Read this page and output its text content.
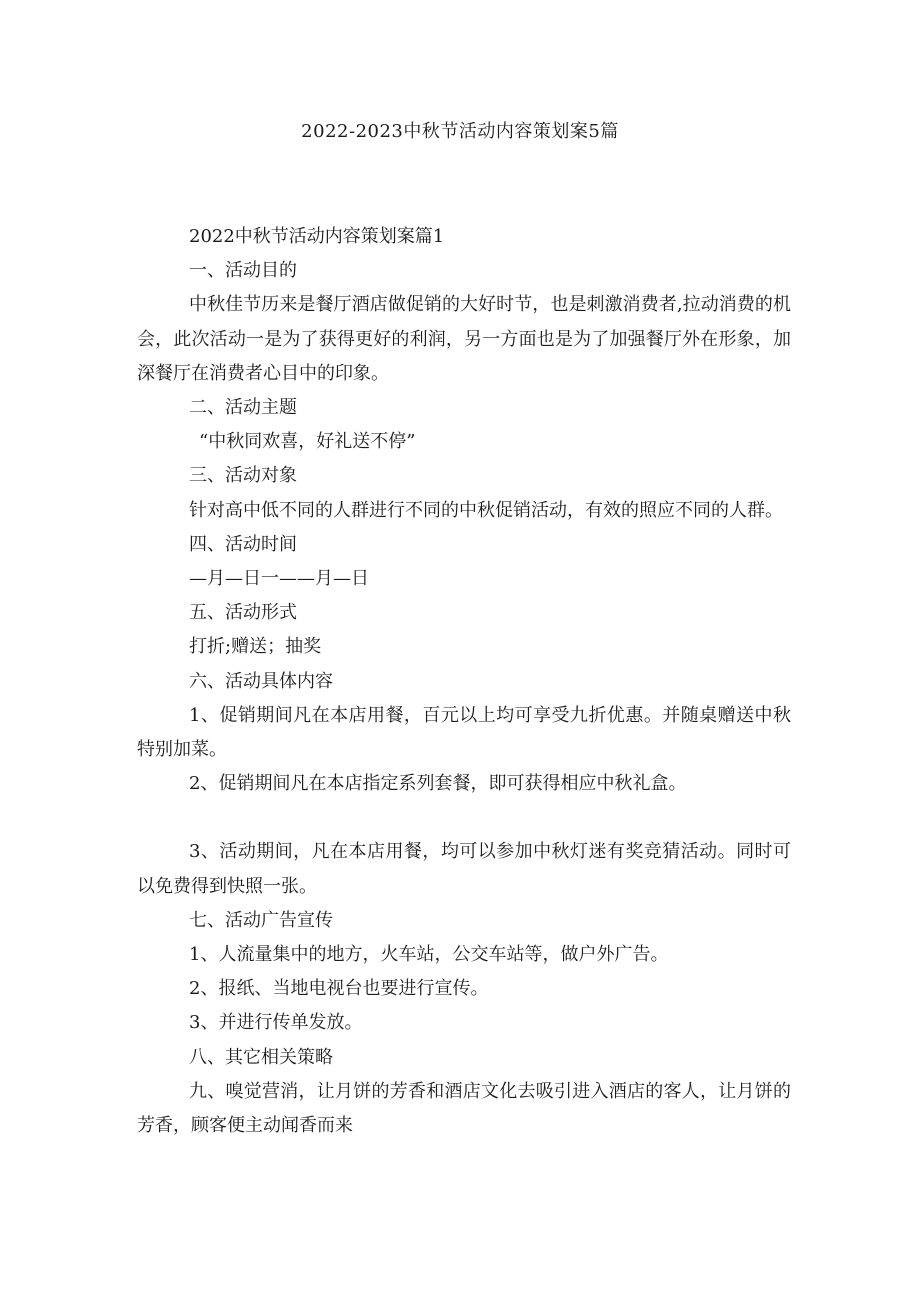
2022-2023中秋节活动内容策划案5篇
2022中秋节活动内容策划案篇1
一、活动目的
中秋佳节历来是餐厅酒店做促销的大好时节，也是刺激消费者,拉动消费的机会，此次活动一是为了获得更好的利润，另一方面也是为了加强餐厅外在形象，加深餐厅在消费者心目中的印象。
二、活动主题
“中秋同欢喜，好礼送不停”
三、活动对象
针对高中低不同的人群进行不同的中秋促销活动，有效的照应不同的人群。
四、活动时间
—月—日一——月—日
五、活动形式
打折;赠送；抽奖
六、活动具体内容
1、促销期间凡在本店用餐，百元以上均可享受九折优惠。并随桌赠送中秋特别加菜。
2、促销期间凡在本店指定系列套餐，即可获得相应中秋礼盒。
3、活动期间，凡在本店用餐，均可以参加中秋灯迷有奖竞猜活动。同时可以免费得到快照一张。
七、活动广告宣传
1、人流量集中的地方，火车站，公交车站等，做户外广告。
2、报纸、当地电视台也要进行宣传。
3、并进行传单发放。
八、其它相关策略
九、嗅觉营消，让月饼的芳香和酒店文化去吸引进入酒店的客人，让月饼的芳香，顾客便主动闻香而来
